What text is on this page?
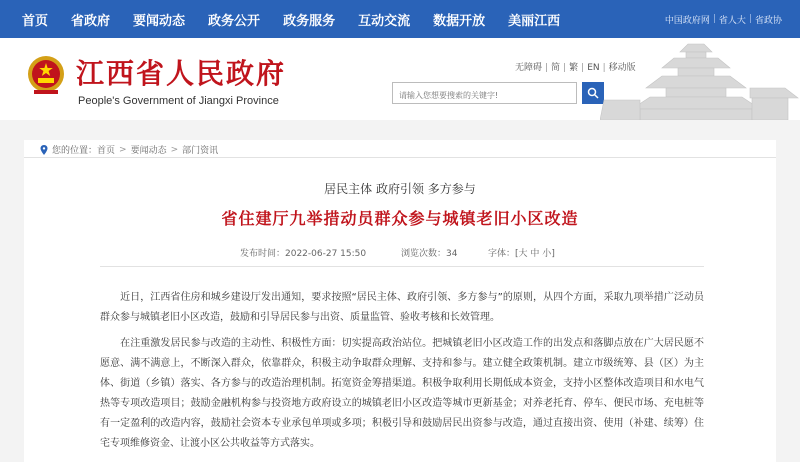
首页 省政府 要闻动态 政务公开 政务服务 互动交流 数据开放 美丽江西	中国政府网 | 省人大 | 省政协
江西省人民政府
People's Government of Jiangxi Province
无障碍 | 简 | 繁 | EN | 移动版
请输入您想要搜索的关键字!
您的位置： 首页 > 要闻动态 > 部门资讯
居民主体 政府引领 多方参与
省住建厅九举措动员群众参与城镇老旧小区改造
发布时间：2022-06-27 15:50	浏览次数：34	字体：[大 中 小]

　　近日，江西省住房和城乡建设厅发出通知，要求按照“居民主体、政府引领、多方参与”的原则，从四个方面，采取九项举措广泛动员群众参与城镇老旧小区改造，鼓励和引导居民参与出资、质量监管、验收考核和长效管理。

　　在注重激发居民参与改造的主动性、积极性方面：切实提高政治站位。把城镇老旧小区改造工作的出发点和落脚点放在广大居民愿不愿意、满不满意上，不断深入群众，依靠群众，积极主动争取群众理解、支持和参与。建立健全政策机制。建立市级统筹、县（区）为主体、街道（乡镇）落实、各方参与的改造治理机制。拓宽资金筹措渠道。积极争取利用长期低成本资金，支持小区整体改造项目和水电气热等专项改造项目；鼓励金融机构参与投资地方政府设立的城镇老旧小区改造等城市更新基金；对养老托育、停车、便民市场、充电桩等有一定盈利的改造内容，鼓励社会资本专业承包单项或多项；积极引导和鼓励居民出资参与改造，通过直接出资、使用（补建、续筹）住宅专项维修资金、让渡小区公共收益等方式落实。
